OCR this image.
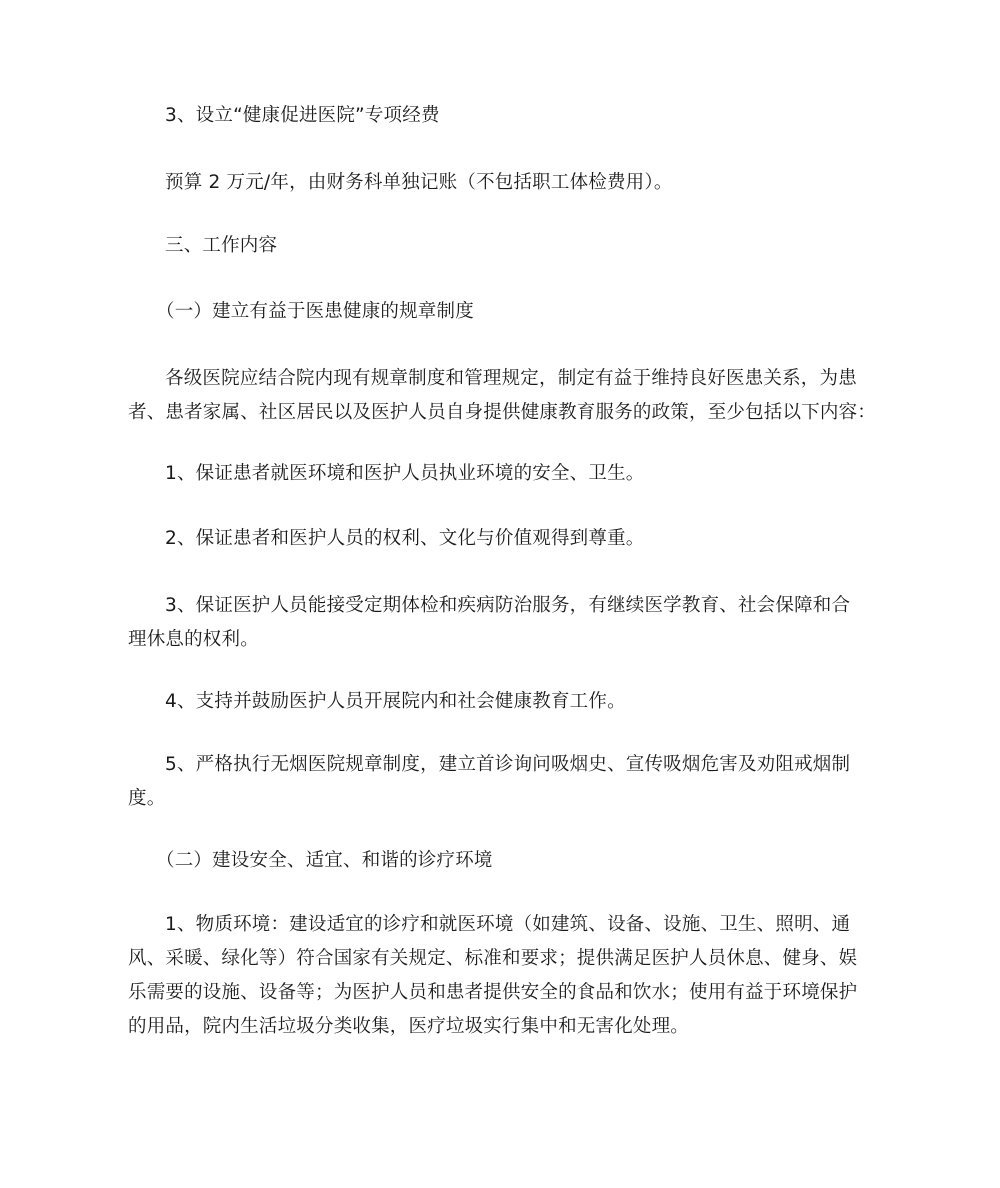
3、设立“健康促进医院”专项经费

预算 2 万元/年，由财务科单独记账（不包括职工体检费用）。

三、工作内容

（一）建立有益于医患健康的规章制度

各级医院应结合院内现有规章制度和管理规定，制定有益于维持良好医患关系，为患
者、患者家属、社区居民以及医护人员自身提供健康教育服务的政策，至少包括以下内容：

1、保证患者就医环境和医护人员执业环境的安全、卫生。

2、保证患者和医护人员的权利、文化与价值观得到尊重。

3、保证医护人员能接受定期体检和疾病防治服务，有继续医学教育、社会保障和合
理休息的权利。

4、支持并鼓励医护人员开展院内和社会健康教育工作。

5、严格执行无烟医院规章制度，建立首诊询问吸烟史、宣传吸烟危害及劝阻戒烟制
度。

（二）建设安全、适宜、和谐的诊疗环境

1、物质环境：建设适宜的诊疗和就医环境（如建筑、设备、设施、卫生、照明、通
风、采暖、绿化等）符合国家有关规定、标准和要求；提供满足医护人员休息、健身、娱
乐需要的设施、设备等；为医护人员和患者提供安全的食品和饮水；使用有益于环境保护
的用品，院内生活垃圾分类收集，医疗垃圾实行集中和无害化处理。
